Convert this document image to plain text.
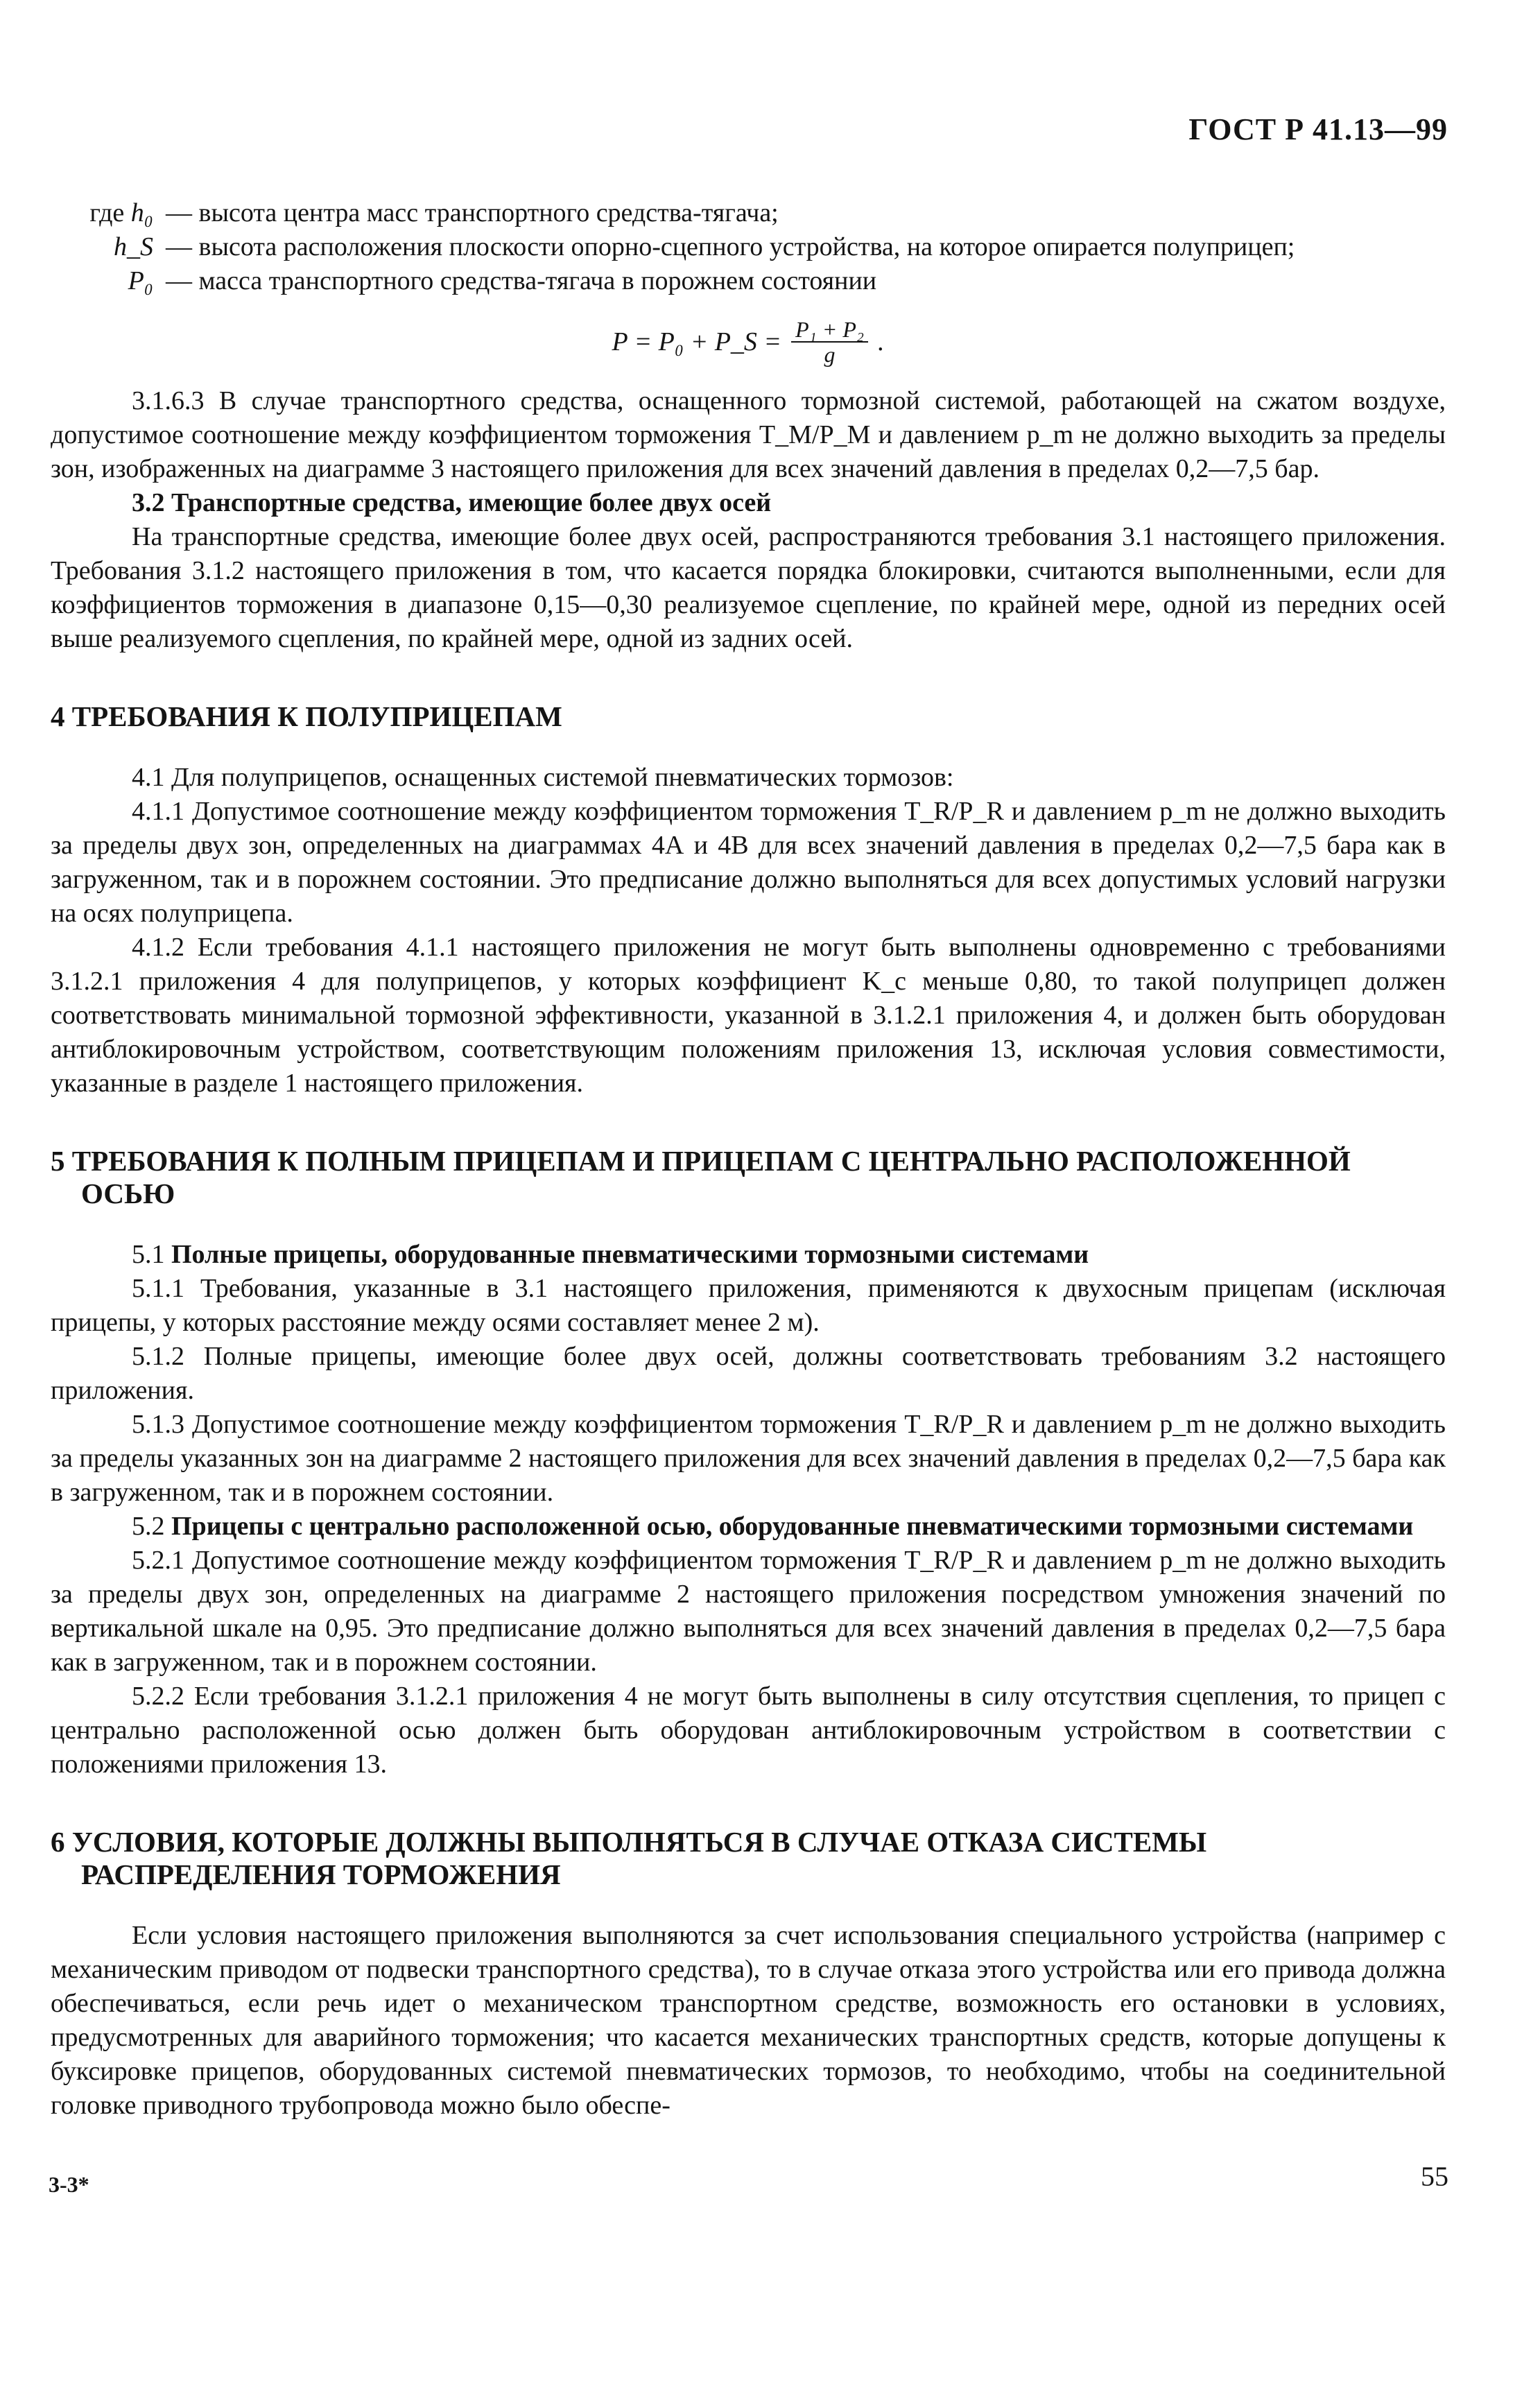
ГОСТ Р 41.13—99
где h₀ — высота центра масс транспортного средства-тягача;
h_S — высота расположения плоскости опорно-сцепного устройства, на которое опирается полуприцеп;
P₀ — масса транспортного средства-тягача в порожнем состоянии
P = P₀ + P_S = $\frac{\text{P₁ + P₂}}{g}$ .

3.1.6.3 В случае транспортного средства, оснащенного тормозной системой, работающей на сжатом воздухе, допустимое соотношение между коэффициентом торможения T_M/P_M и давлением p_m не должно выходить за пределы зон, изображенных на диаграмме 3 настоящего приложения для всех значений давления в пределах 0,2—7,5 бар.

3.2 Транспортные средства, имеющие более двух осей

На транспортные средства, имеющие более двух осей, распространяются требования 3.1 настоящего приложения. Требования 3.1.2 настоящего приложения в том, что касается порядка блокировки, считаются выполненными, если для коэффициентов торможения в диапазоне 0,15—0,30 реализуемое сцепление, по крайней мере, одной из передних осей выше реализуемого сцепления, по крайней мере, одной из задних осей.

4 ТРЕБОВАНИЯ К ПОЛУПРИЦЕПАМ

4.1 Для полуприцепов, оснащенных системой пневматических тормозов:

4.1.1 Допустимое соотношение между коэффициентом торможения T_R/P_R и давлением p_m не должно выходить за пределы двух зон, определенных на диаграммах 4А и 4В для всех значений давления в пределах 0,2—7,5 бара как в загруженном, так и в порожнем состоянии. Это предписание должно выполняться для всех допустимых условий нагрузки на осях полуприцепа.

4.1.2 Если требования 4.1.1 настоящего приложения не могут быть выполнены одновременно с требованиями 3.1.2.1 приложения 4 для полуприцепов, у которых коэффициент K_c меньше 0,80, то такой полуприцеп должен соответствовать минимальной тормозной эффективности, указанной в 3.1.2.1 приложения 4, и должен быть оборудован антиблокировочным устройством, соответствующим положениям приложения 13, исключая условия совместимости, указанные в разделе 1 настоящего приложения.

5 ТРЕБОВАНИЯ К ПОЛНЫМ ПРИЦЕПАМ И ПРИЦЕПАМ С ЦЕНТРАЛЬНО РАСПОЛОЖЕННОЙ ОСЬЮ

5.1 Полные прицепы, оборудованные пневматическими тормозными системами

5.1.1 Требования, указанные в 3.1 настоящего приложения, применяются к двухосным прицепам (исключая прицепы, у которых расстояние между осями составляет менее 2 м).

5.1.2 Полные прицепы, имеющие более двух осей, должны соответствовать требованиям 3.2 настоящего приложения.

5.1.3 Допустимое соотношение между коэффициентом торможения T_R/P_R и давлением p_m не должно выходить за пределы указанных зон на диаграмме 2 настоящего приложения для всех значений давления в пределах 0,2—7,5 бара как в загруженном, так и в порожнем состоянии.

5.2 Прицепы с центрально расположенной осью, оборудованные пневматическими тормозными системами

5.2.1 Допустимое соотношение между коэффициентом торможения T_R/P_R и давлением p_m не должно выходить за пределы двух зон, определенных на диаграмме 2 настоящего приложения посредством умножения значений по вертикальной шкале на 0,95. Это предписание должно выполняться для всех значений давления в пределах 0,2—7,5 бара как в загруженном, так и в порожнем состоянии.

5.2.2 Если требования 3.1.2.1 приложения 4 не могут быть выполнены в силу отсутствия сцепления, то прицеп с центрально расположенной осью должен быть оборудован антиблокировочным устройством в соответствии с положениями приложения 13.

6 УСЛОВИЯ, КОТОРЫЕ ДОЛЖНЫ ВЫПОЛНЯТЬСЯ В СЛУЧАЕ ОТКАЗА СИСТЕМЫ РАСПРЕДЕЛЕНИЯ ТОРМОЖЕНИЯ

Если условия настоящего приложения выполняются за счет использования специального устройства (например с механическим приводом от подвески транспортного средства), то в случае отказа этого устройства или его привода должна обеспечиваться, если речь идет о механическом транспортном средстве, возможность его остановки в условиях, предусмотренных для аварийного торможения; что касается механических транспортных средств, которые допущены к буксировке прицепов, оборудованных системой пневматических тормозов, то необходимо, чтобы на соединительной головке приводного трубопровода можно было обеспе-

3-3*	55
